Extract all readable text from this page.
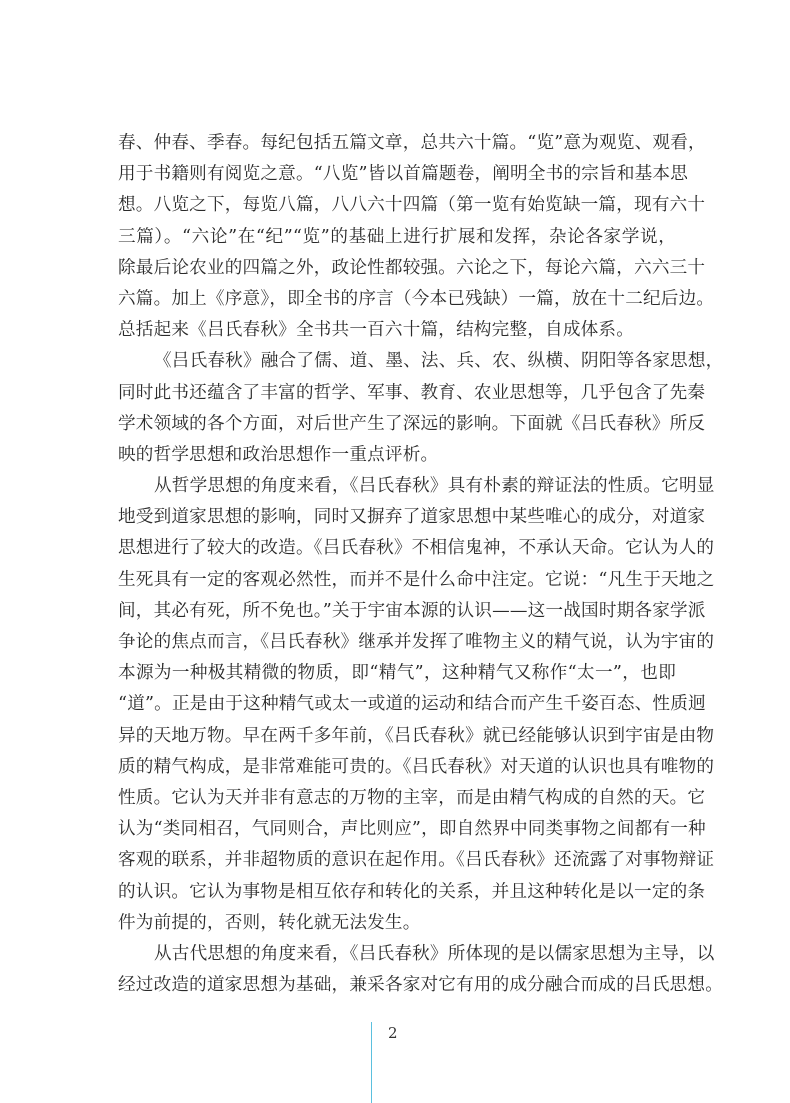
春、仲春、季春。每纪包括五篇文章，总共六十篇。“览”意为观览、观看，
用于书籍则有阅览之意。“八览”皆以首篇题卷，阐明全书的宗旨和基本思
想。八览之下，每览八篇，八八六十四篇（第一览有始览缺一篇，现有六十
三篇）。“六论”在“纪”“览”的基础上进行扩展和发挥，杂论各家学说，
除最后论农业的四篇之外，政论性都较强。六论之下，每论六篇，六六三十
六篇。加上《序意》，即全书的序言（今本已残缺）一篇，放在十二纪后边。
总括起来《吕氏春秋》全书共一百六十篇，结构完整，自成体系。
《吕氏春秋》融合了儒、道、墨、法、兵、农、纵横、阴阳等各家思想，
同时此书还蕴含了丰富的哲学、军事、教育、农业思想等，几乎包含了先秦
学术领域的各个方面，对后世产生了深远的影响。下面就《吕氏春秋》所反
映的哲学思想和政治思想作一重点评析。
从哲学思想的角度来看，《吕氏春秋》具有朴素的辩证法的性质。它明显
地受到道家思想的影响，同时又摒弃了道家思想中某些唯心的成分，对道家
思想进行了较大的改造。《吕氏春秋》不相信鬼神，不承认天命。它认为人的
生死具有一定的客观必然性，而并不是什么命中注定。它说：“凡生于天地之
间，其必有死，所不免也。”关于宇宙本源的认识——这一战国时期各家学派
争论的焦点而言，《吕氏春秋》继承并发挥了唯物主义的精气说，认为宇宙的
本源为一种极其精微的物质，即“精气”，这种精气又称作“太一”，也即
“道”。正是由于这种精气或太一或道的运动和结合而产生千姿百态、性质迥
异的天地万物。早在两千多年前，《吕氏春秋》就已经能够认识到宇宙是由物
质的精气构成，是非常难能可贵的。《吕氏春秋》对天道的认识也具有唯物的
性质。它认为天并非有意志的万物的主宰，而是由精气构成的自然的天。它
认为“类同相召，气同则合，声比则应”，即自然界中同类事物之间都有一种
客观的联系，并非超物质的意识在起作用。《吕氏春秋》还流露了对事物辩证
的认识。它认为事物是相互依存和转化的关系，并且这种转化是以一定的条
件为前提的，否则，转化就无法发生。
从古代思想的角度来看，《吕氏春秋》所体现的是以儒家思想为主导，以
经过改造的道家思想为基础，兼采各家对它有用的成分融合而成的吕氏思想。
2
